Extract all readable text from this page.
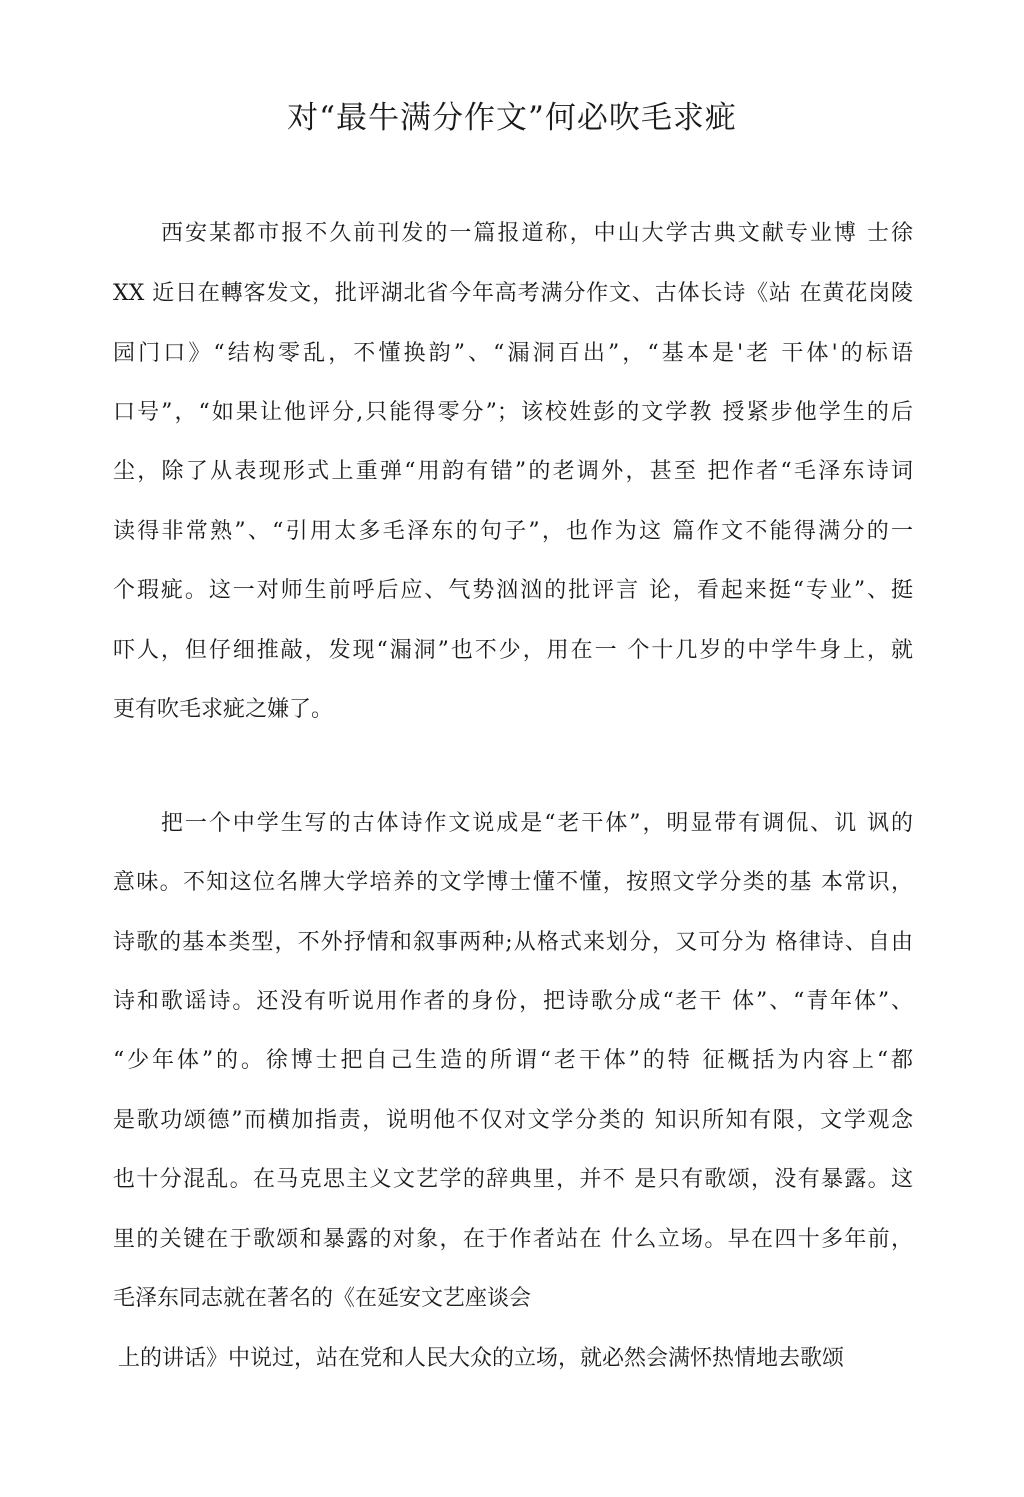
对“最牛满分作文”何必吹毛求疵
　　西安某都市报不久前刊发的一篇报道称，中山大学古典文献专业博 士徐
XX 近日在轉客发文，批评湖北省今年高考满分作文、古体长诗《站 在黄花岗陵
园门口》“结构零乱，不懂换韵”、“漏洞百出”，“基本是'老 干体'的标语
口号”，“如果让他评分,只能得零分”；该校姓彭的文学教 授紧步他学生的后
尘，除了从表现形式上重弹“用韵有错”的老调外，甚至 把作者“毛泽东诗词
读得非常熟”、“引用太多毛泽东的句子”，也作为这 篇作文不能得满分的一
个瑕疵。这一对师生前呼后应、气势汹汹的批评言 论，看起来挺“专业”、挺
吓人，但仔细推敲，发现“漏洞”也不少，用在一 个十几岁的中学牛身上，就
更有吹毛求疵之嫌了。
　　把一个中学生写的古体诗作文说成是“老干体”，明显带有调侃、讥 讽的
意味。不知这位名牌大学培养的文学博士懂不懂，按照文学分类的基 本常识，
诗歌的基本类型，不外抒情和叙事两种;从格式来划分，又可分为 格律诗、自由
诗和歌谣诗。还没有听说用作者的身份，把诗歌分成“老干 体”、“青年体”、
“少年体”的。徐博士把自己生造的所谓“老干体”的特 征概括为内容上“都
是歌功颂德”而横加指责，说明他不仅对文学分类的 知识所知有限，文学观念
也十分混乱。在马克思主义文艺学的辞典里，并不 是只有歌颂，没有暴露。这
里的关键在于歌颂和暴露的对象，在于作者站在 什么立场。早在四十多年前，
毛泽东同志就在著名的《在延安文艺座谈会
上的讲话》中说过，站在党和人民大众的立场，就必然会满怀热情地去歌颂
